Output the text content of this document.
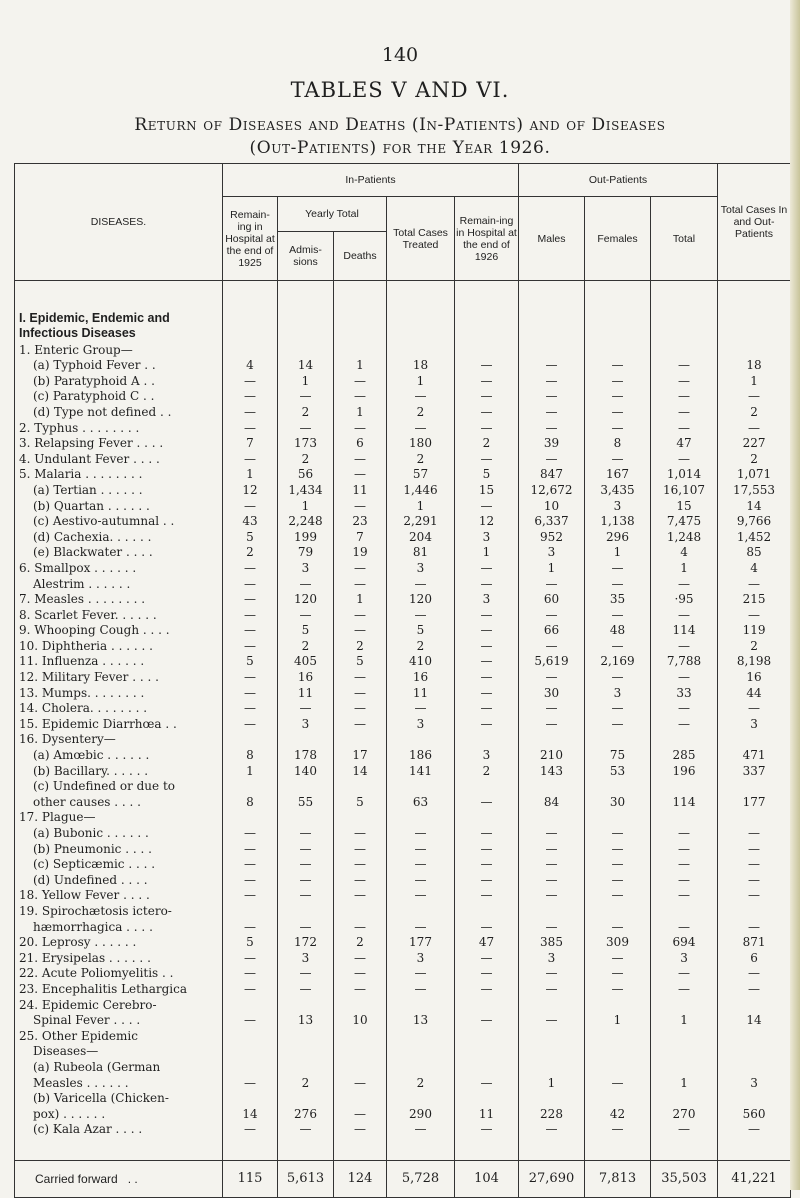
140
TABLES V AND VI.
Return of Diseases and Deaths (In-Patients) and of Diseases
(Out-Patients) for the Year 1926.
DISEASES.	In-Patients					Out-Patients			Total Cases In and Out-Patients
	Remain-ing in Hospital at the end of 1925	Yearly Total		Total Cases Treated	Remain-ing in Hospital at the end of 1926	Males	Females	Total	
		Admis-sions	Deaths						
I. Epidemic, Endemic and Infectious Diseases									
1. Enteric Group—									
(a) Typhoid Fever . .	4	14	1	18	—	—	—	—	18
(b) Paratyphoid A . .	—	1	—	1	—	—	—	—	1
(c) Paratyphoid C . .	—	—	—	—	—	—	—	—	—
(d) Type not defined . .	—	2	1	2	—	—	—	—	2
2. Typhus . . . . . . . .	—	—	—	—	—	—	—	—	—
3. Relapsing Fever . . . .	7	173	6	180	2	39	8	47	227
4. Undulant Fever . . . .	—	2	—	2	—	—	—	—	2
5. Malaria . . . . . . . .	1	56	—	57	5	847	167	1,014	1,071
(a) Tertian . . . . . .	12	1,434	11	1,446	15	12,672	3,435	16,107	17,553
(b) Quartan . . . . . .	—	1	—	1	—	10	3	15	14
(c) Aestivo-autumnal . .	43	2,248	23	2,291	12	6,337	1,138	7,475	9,766
(d) Cachexia. . . . . .	5	199	7	204	3	952	296	1,248	1,452
(e) Blackwater . . . .	2	79	19	81	1	3	1	4	85
6. Smallpox . . . . . .	—	3	—	3	—	1	—	1	4
Alestrim . . . . . .	—	—	—	—	—	—	—	—	—
7. Measles . . . . . . . .	—	120	1	120	3	60	35	·95	215
8. Scarlet Fever. . . . . .	—	—	—	—	—	—	—	—	—
9. Whooping Cough . . . .	—	5	—	5	—	66	48	114	119
10. Diphtheria . . . . . .	—	2	2	2	—	—	—	—	2
11. Influenza . . . . . .	5	405	5	410	—	5,619	2,169	7,788	8,198
12. Military Fever . . . .	—	16	—	16	—	—	—	—	16
13. Mumps. . . . . . . .	—	11	—	11	—	30	3	33	44
14. Cholera. . . . . . . .	—	—	—	—	—	—	—	—	—
15. Epidemic Diarrhœa . .	—	3	—	3	—	—	—	—	3
16. Dysentery—									
(a) Amœbic . . . . . .	8	178	17	186	3	210	75	285	471
(b) Bacillary. . . . . .	1	140	14	141	2	143	53	196	337
(c) Undefined or due to									
other causes . . . .	8	55	5	63	—	84	30	114	177
17. Plague—									
(a) Bubonic . . . . . .	—	—	—	—	—	—	—	—	—
(b) Pneumonic . . . .	—	—	—	—	—	—	—	—	—
(c) Septicæmic . . . .	—	—	—	—	—	—	—	—	—
(d) Undefined . . . .	—	—	—	—	—	—	—	—	—
18. Yellow Fever . . . .	—	—	—	—	—	—	—	—	—
19. Spirochætosis ictero-									
hæmorrhagica . . . .	—	—	—	—	—	—	—	—	—
20. Leprosy . . . . . .	5	172	2	177	47	385	309	694	871
21. Erysipelas . . . . . .	—	3	—	3	—	3	—	3	6
22. Acute Poliomyelitis . .	—	—	—	—	—	—	—	—	—
23. Encephalitis Lethargica	—	—	—	—	—	—	—	—	—
24. Epidemic Cerebro-									
Spinal Fever . . . .	—	13	10	13	—	—	1	1	14
25. Other Epidemic									
Diseases—									
(a) Rubeola (German									
Measles . . . . . .	—	2	—	2	—	1	—	1	3
(b) Varicella (Chicken-									
pox) . . . . . .	14	276	—	290	11	228	42	270	560
(c) Kala Azar . . . .	—	—	—	—	—	—	—	—	—

Carried forward . .	115	5,613	124	5,728	104	27,690	7,813	35,503	41,221
